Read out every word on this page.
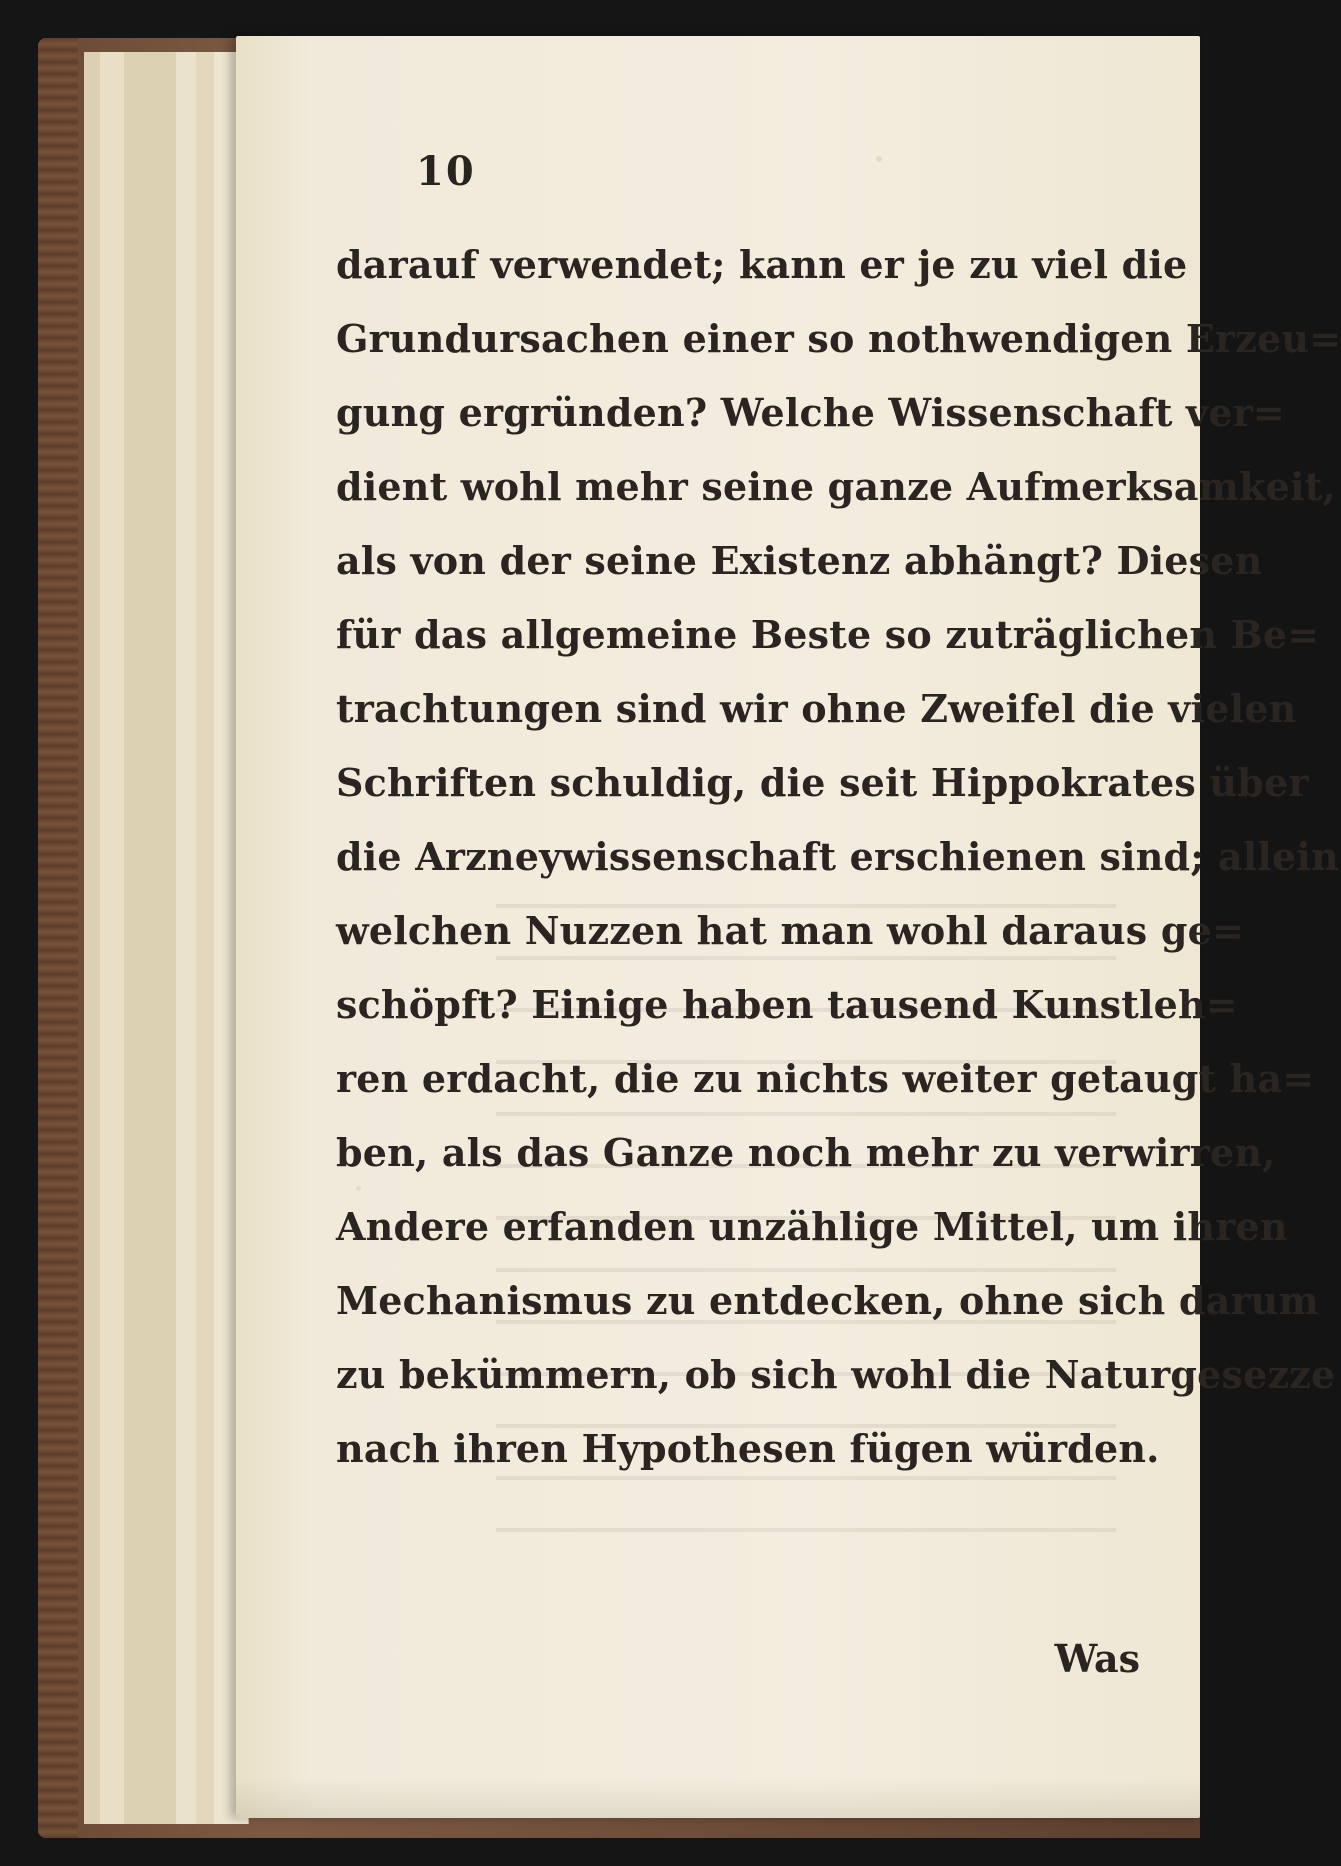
10
darauf verwendet; kann er je zu viel die
Grundursachen einer so nothwendigen Erzeu=
gung ergründen? Welche Wissenschaft ver=
dient wohl mehr seine ganze Aufmerksamkeit,
als von der seine Existenz abhängt? Diesen
für das allgemeine Beste so zuträglichen Be=
trachtungen sind wir ohne Zweifel die vielen
Schriften schuldig, die seit Hippokrates über
die Arzneywissenschaft erschienen sind; allein
welchen Nuzzen hat man wohl daraus ge=
schöpft? Einige haben tausend Kunstleh=
ren erdacht, die zu nichts weiter getaugt ha=
ben, als das Ganze noch mehr zu verwirren,
Andere erfanden unzählige Mittel, um ihren
Mechanismus zu entdecken, ohne sich darum
zu bekümmern, ob sich wohl die Naturgesezze
nach ihren Hypothesen fügen würden.
Was
